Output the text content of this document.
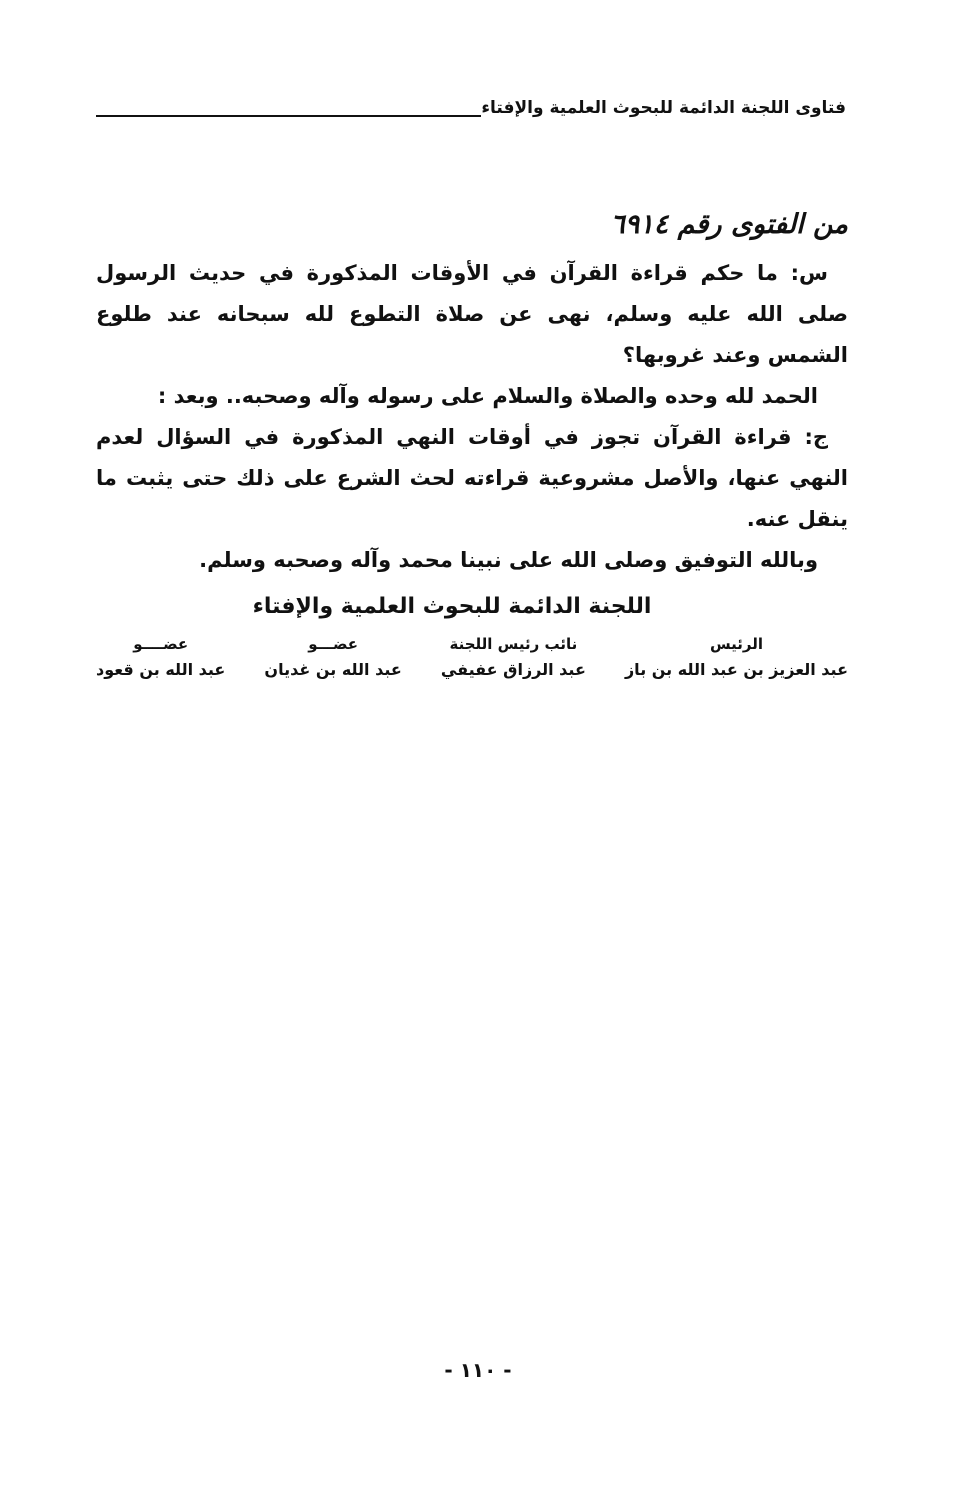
فتاوى اللجنة الدائمة للبحوث العلمية والإفتاء
من الفتوى رقم ٦٩١٤

س: ما حكم قراءة القرآن في الأوقات المذكورة في حديث الرسول صلى الله عليه وسلم، نهى عن صلاة التطوع لله سبحانه عند طلوع الشمس وعند غروبها؟

الحمد لله وحده والصلاة والسلام على رسوله وآله وصحبه.. وبعد :

ج: قراءة القرآن تجوز في أوقات النهي المذكورة في السؤال لعدم النهي عنها، والأصل مشروعية قراءته لحث الشرع على ذلك حتى يثبت ما ينقل عنه.

وبالله التوفيق وصلى الله على نبينا محمد وآله وصحبه وسلم.

اللجنة الدائمة للبحوث العلمية والإفتاء
الرئيس
عبد العزيز بن عبد الله بن باز
نائب رئيس اللجنة
عبد الرزاق عفيفي
عضـــو
عبد الله بن غديان
عضــــو
عبد الله بن قعود
- ١١٠ -
